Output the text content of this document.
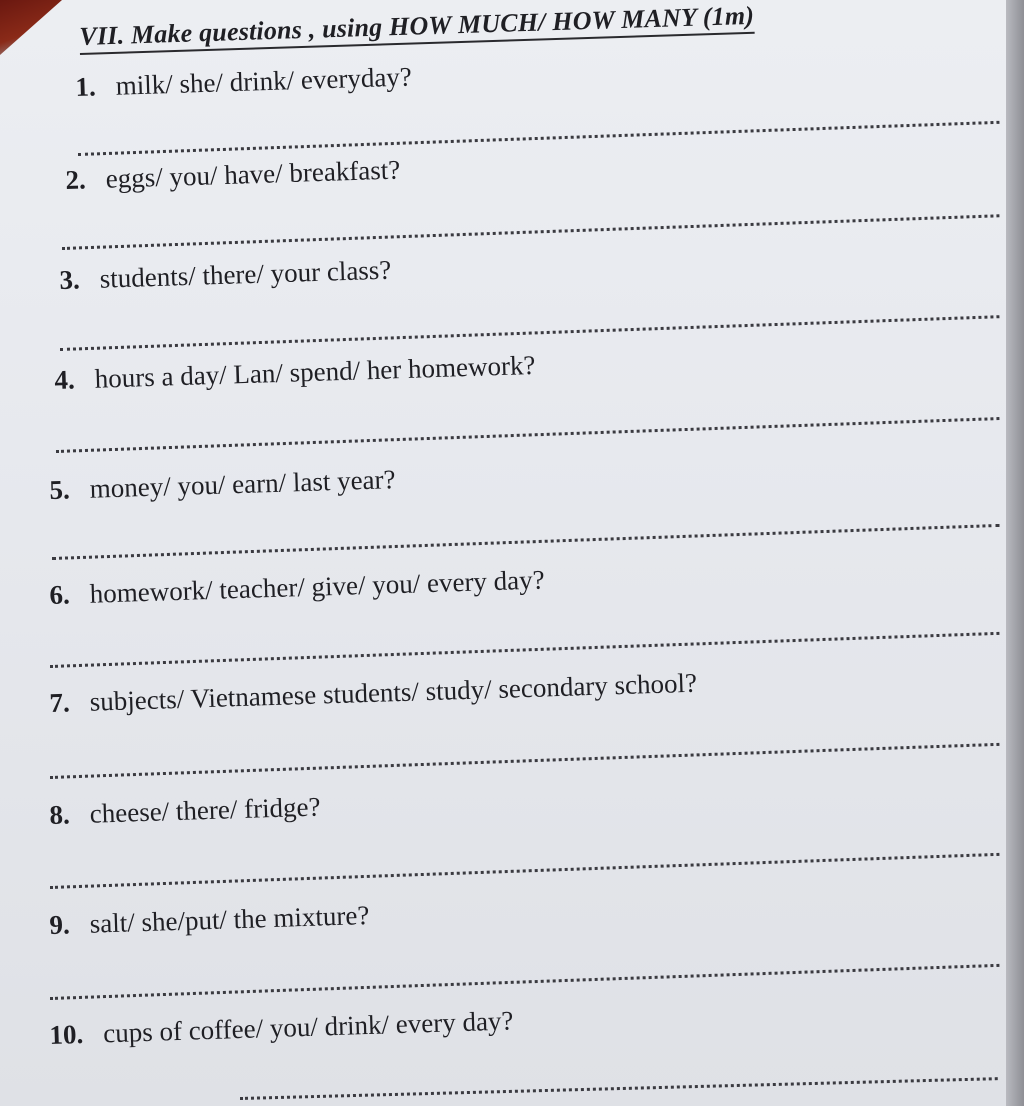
VII. Make questions , using HOW MUCH/ HOW MANY (1m)
1. milk/ she/ drink/ everyday?
2. eggs/ you/ have/ breakfast?
3. students/ there/ your class?
4. hours a day/ Lan/ spend/ her homework?
5. money/ you/ earn/ last year?
6. homework/ teacher/ give/ you/ every day?
7. subjects/ Vietnamese students/ study/ secondary school?
8. cheese/ there/ fridge?
9. salt/ she/put/ the mixture?
10. cups of coffee/ you/ drink/ every day?
